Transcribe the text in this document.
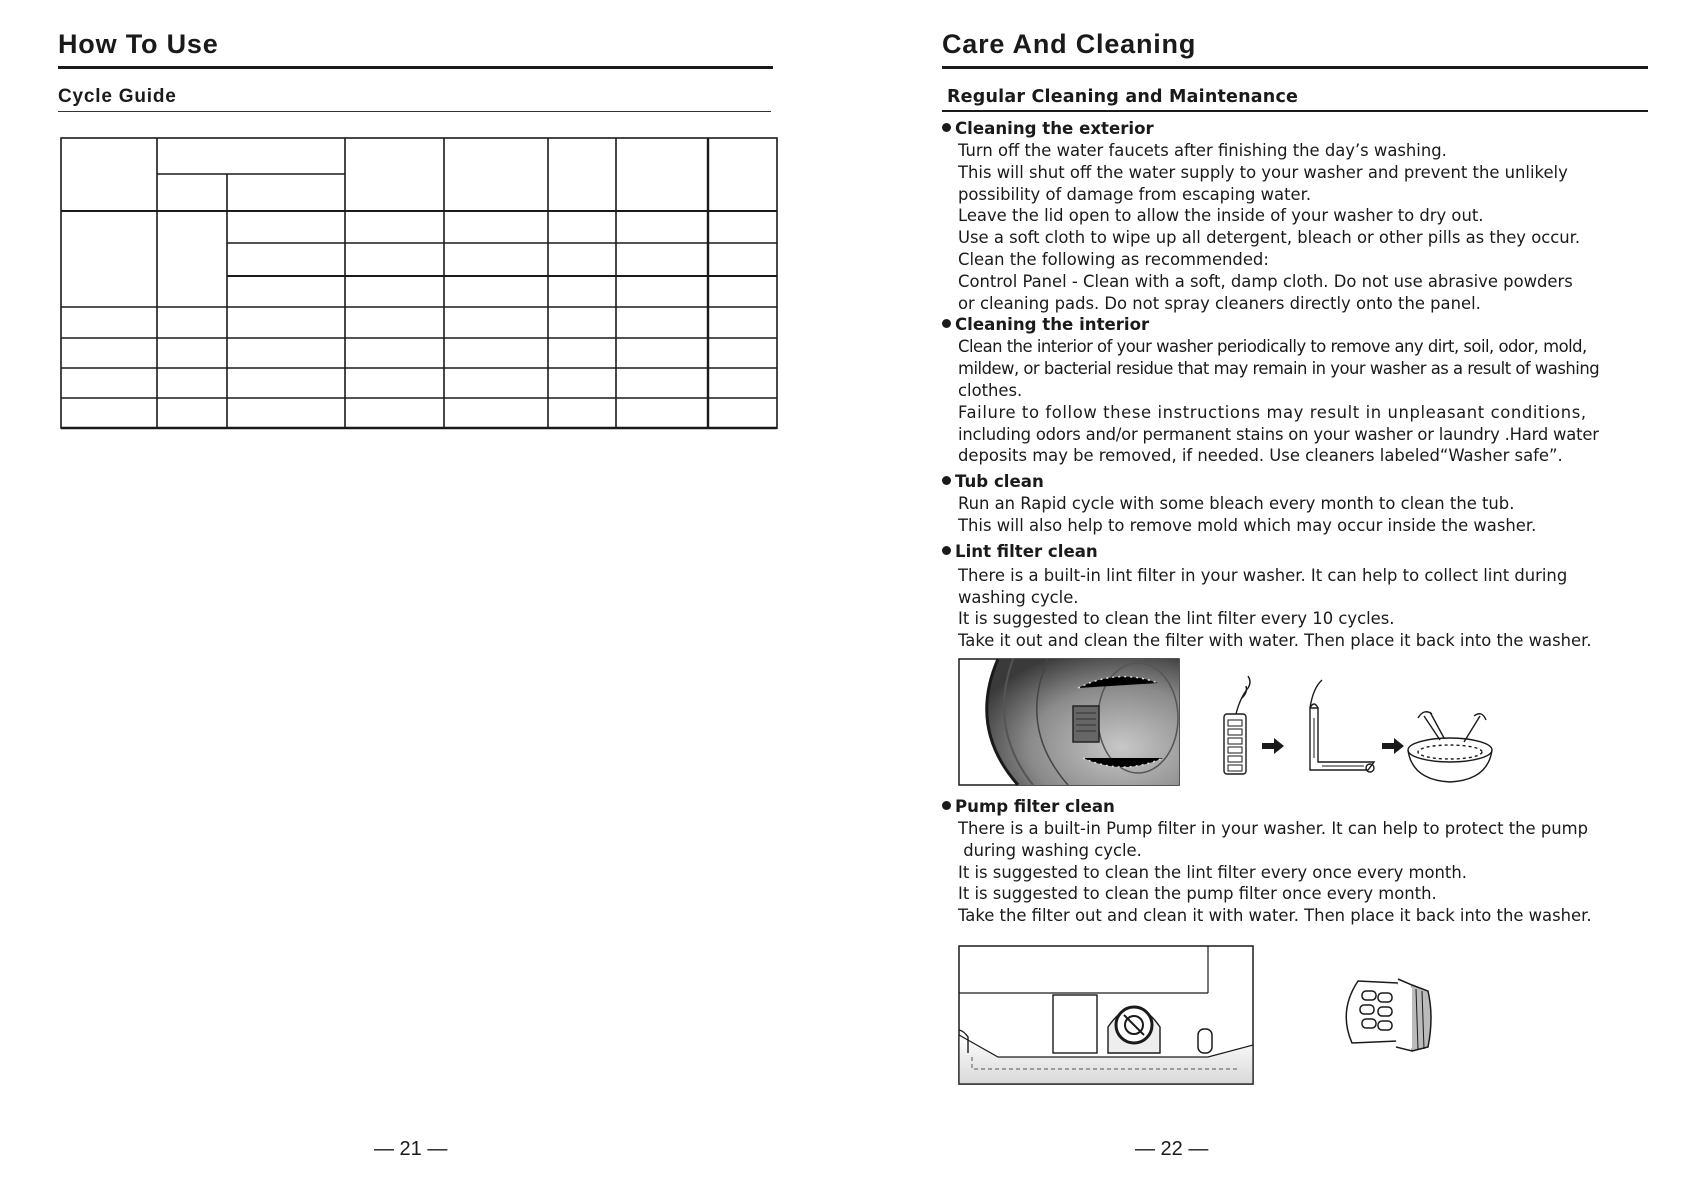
How To Use
Cycle Guide
— 21 —
Care And Cleaning
Regular Cleaning and Maintenance
Cleaning the exterior
Turn off the water faucets after finishing the day’s washing.
This will shut off the water supply to your washer and prevent the unlikely
possibility of damage from escaping water.
Leave the lid open to allow the inside of your washer to dry out.
Use a soft cloth to wipe up all detergent, bleach or other pills as they occur.
Clean the following as recommended:
Control Panel - Clean with a soft, damp cloth. Do not use abrasive powders
or cleaning pads. Do not spray cleaners directly onto the panel.
Cleaning the interior
Clean the interior of your washer periodically to remove any dirt, soil, odor, mold,
mildew, or bacterial residue that may remain in your washer as a result of washing
clothes.
Failure to follow these instructions may result in unpleasant conditions,
including odors and/or permanent stains on your washer or laundry .Hard water
deposits may be removed, if needed. Use cleaners labeled“Washer safe”.
Tub clean
Run an Rapid cycle with some bleach every month to clean the tub.
This will also help to remove mold which may occur inside the washer.
Lint filter clean
There is a built-in lint filter in your washer. It can help to collect lint during
washing cycle.
It is suggested to clean the lint filter every 10 cycles.
Take it out and clean the filter with water. Then place it back into the washer.
Pump filter clean
There is a built-in Pump filter in your washer. It can help to protect the pump
during washing cycle.
It is suggested to clean the lint filter every once every month.
It is suggested to clean the pump filter once every month.
Take the filter out and clean it with water. Then place it back into the washer.
— 22 —
